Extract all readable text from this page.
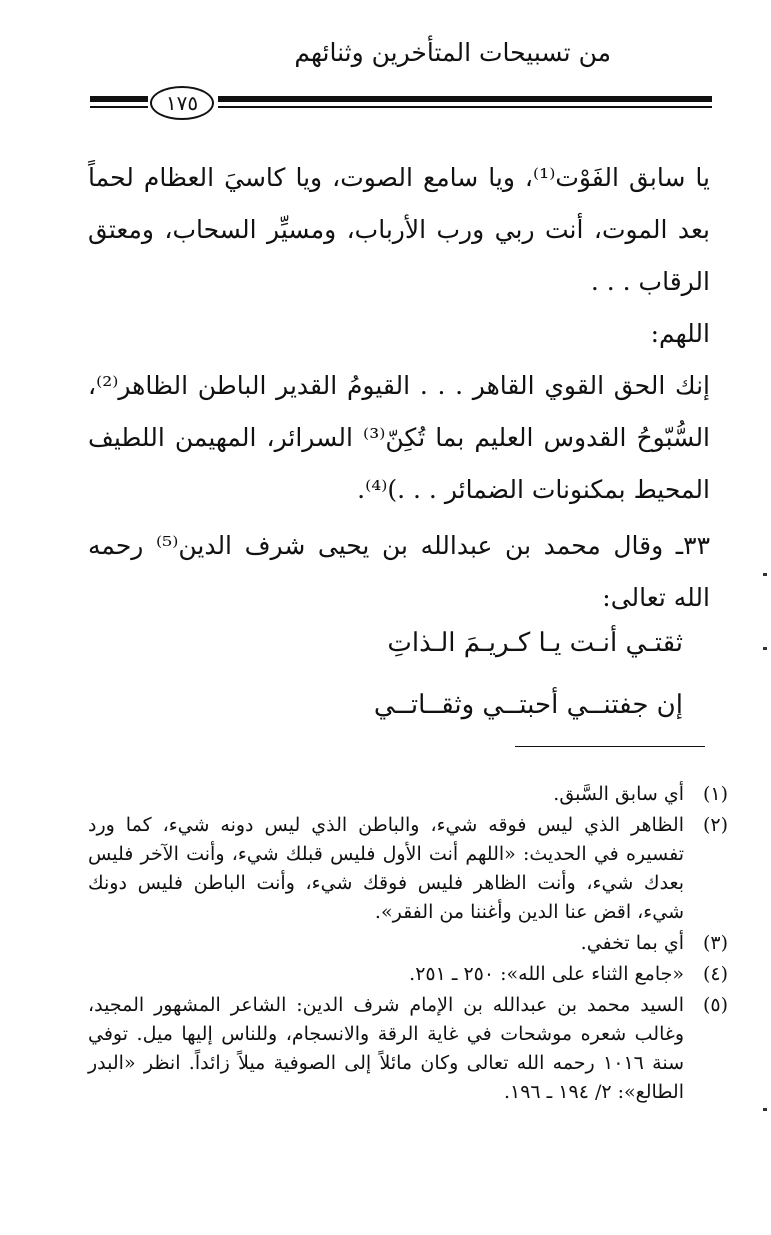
من تسبيحات المتأخرين وثنائهم
١٧٥
يا سابق الفَوْت⁽¹⁾، ويا سامع الصوت، ويا كاسيَ العظام لحماً بعد الموت، أنت ربي ورب الأرباب، ومسيِّر السحاب، ومعتق الرقاب . . .
اللهم:
إنك الحق القوي القاهر . . . القيومُ القدير الباطن الظاهر⁽²⁾، السُّبّوحُ القدوس العليم بما تُكِنّ⁽³⁾ السرائر، المهيمن اللطيف المحيط بمكنونات الضمائر . . .)⁽⁴⁾.
٣٣ـ وقال محمد بن عبدالله بن يحيى شرف الدين⁽⁵⁾ رحمه الله تعالى:
ثقتـي أنـت يـا كـريـمَ الـذاتِ
إن جفتنــي أحبتــي وثقــاتــي
(١)
أي سابق السَّبق.
(٢)
الظاهر الذي ليس فوقه شيء، والباطن الذي ليس دونه شيء، كما ورد تفسيره في الحديث: «اللهم أنت الأول فليس قبلك شيء، وأنت الآخر فليس بعدك شيء، وأنت الظاهر فليس فوقك شيء، وأنت الباطن فليس دونك شيء، اقض عنا الدين وأغننا من الفقر».
(٣)
أي بما تخفي.
(٤)
«جامع الثناء على الله»: ٢٥٠ ـ ٢٥١.
(٥)
السيد محمد بن عبدالله بن الإمام شرف الدين: الشاعر المشهور المجيد، وغالب شعره موشحات في غاية الرقة والانسجام، وللناس إليها ميل. توفي سنة ١٠١٦ رحمه الله تعالى وكان مائلاً إلى الصوفية ميلاً زائداً. انظر «البدر الطالع»: ٢/ ١٩٤ ـ ١٩٦.
